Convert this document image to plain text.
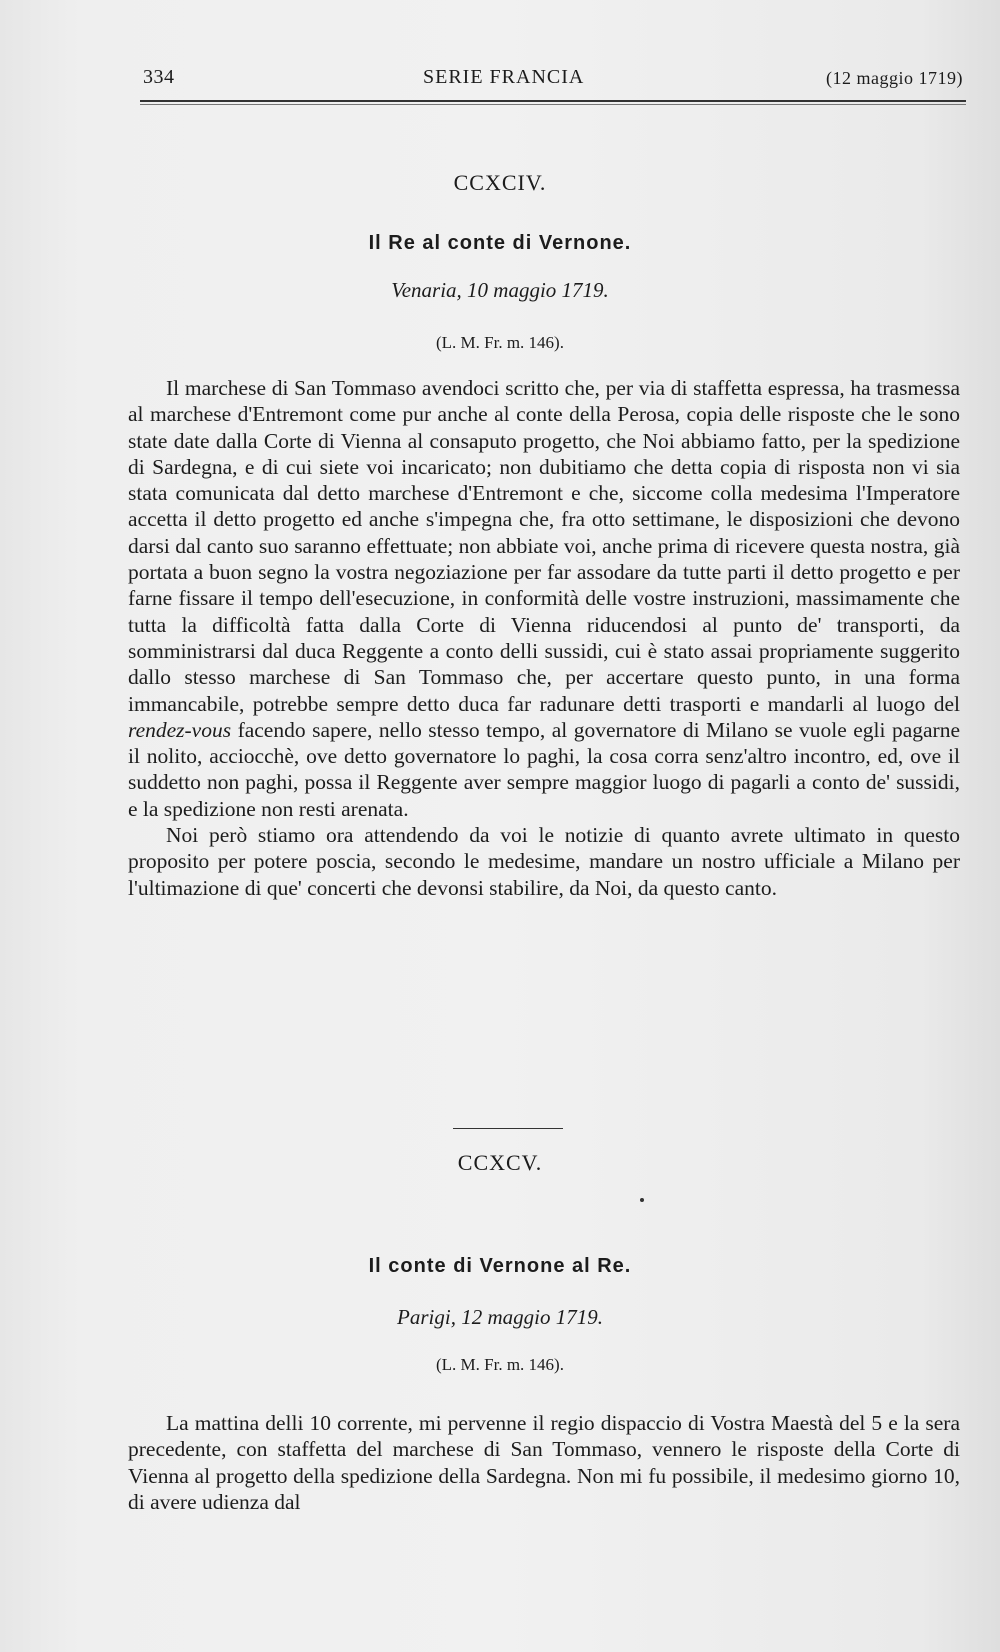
334	SERIE FRANCIA	(12 maggio 1719)
CCXCIV.
Il Re al conte di Vernone.
Venaria, 10 maggio 1719.
(L. M. Fr. m. 146).

Il marchese di San Tommaso avendoci scritto che, per via di staffetta espressa, ha trasmessa al marchese d'Entremont come pur anche al conte della Perosa, copia delle risposte che le sono state date dalla Corte di Vienna al consaputo progetto, che Noi abbiamo fatto, per la spedizione di Sardegna, e di cui siete voi incaricato; non dubitiamo che detta copia di risposta non vi sia stata comunicata dal detto marchese d'Entremont e che, siccome colla medesima l'Imperatore accetta il detto progetto ed anche s'impegna che, fra otto settimane, le disposizioni che devono darsi dal canto suo saranno effettuate; non abbiate voi, anche prima di ricevere questa nostra, già portata a buon segno la vostra negoziazione per far assodare da tutte parti il detto progetto e per farne fissare il tempo dell'esecuzione, in conformità delle vostre instruzioni, massimamente che tutta la difficoltà fatta dalla Corte di Vienna riducendosi al punto de' transporti, da somministrarsi dal duca Reggente a conto delli sussidi, cui è stato assai propriamente suggerito dallo stesso marchese di San Tommaso che, per accertare questo punto, in una forma immancabile, potrebbe sempre detto duca far radunare detti trasporti e mandarli al luogo del rendez-vous facendo sapere, nello stesso tempo, al governatore di Milano se vuole egli pagarne il nolito, acciocchè, ove detto governatore lo paghi, la cosa corra senz'altro incontro, ed, ove il suddetto non paghi, possa il Reggente aver sempre maggior luogo di pagarli a conto de' sussidi, e la spedizione non resti arenata.

Noi però stiamo ora attendendo da voi le notizie di quanto avrete ultimato in questo proposito per potere poscia, secondo le medesime, mandare un nostro ufficiale a Milano per l'ultimazione di que' concerti che devonsi stabilire, da Noi, da questo canto.

CCXCV.
Il conte di Vernone al Re.
Parigi, 12 maggio 1719.
(L. M. Fr. m. 146).

La mattina delli 10 corrente, mi pervenne il regio dispaccio di Vostra Maestà del 5 e la sera precedente, con staffetta del marchese di San Tommaso, vennero le risposte della Corte di Vienna al progetto della spedizione della Sardegna. Non mi fu possibile, il medesimo giorno 10, di avere udienza dal
